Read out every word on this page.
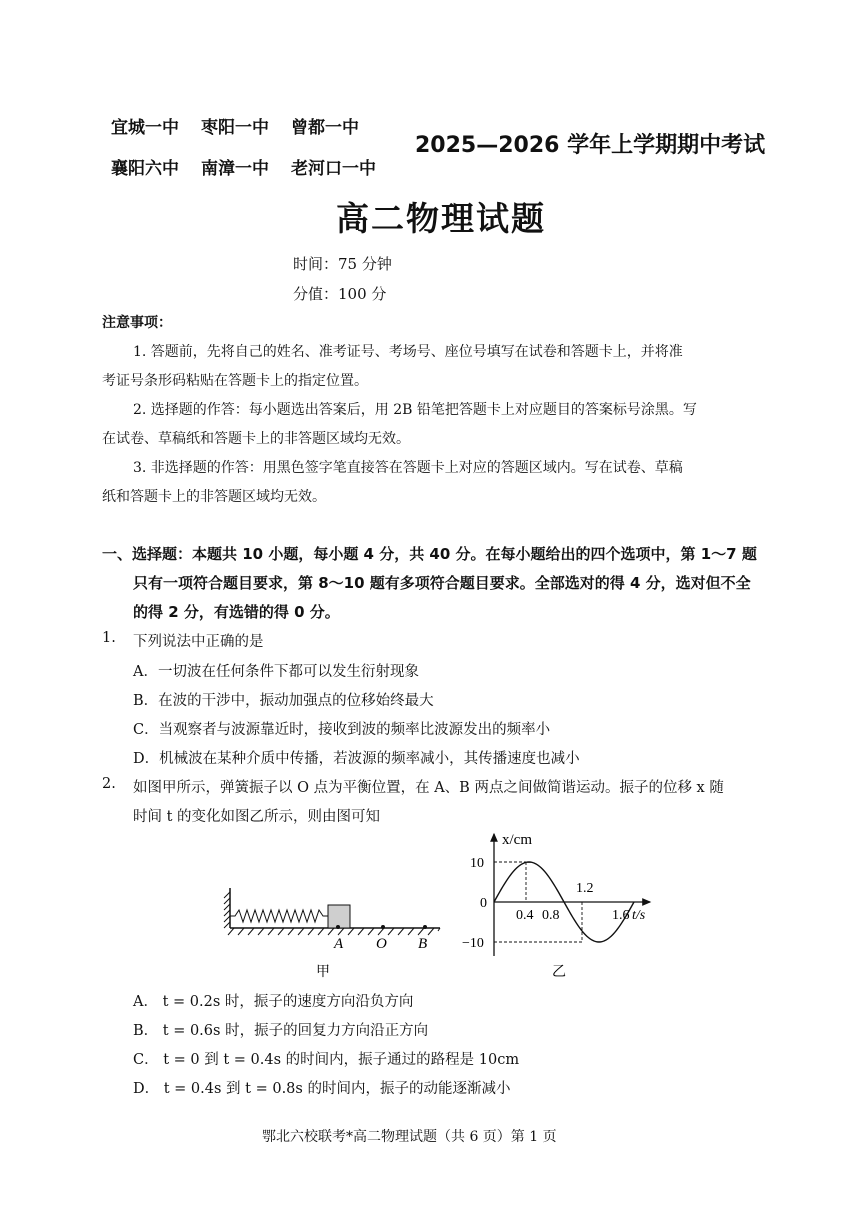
宜城一中 枣阳一中 曾都一中
襄阳六中 南漳一中 老河口一中
2025—2026 学年上学期期中考试
高二物理试题
时间：75 分钟
分值：100 分
注意事项：
1. 答题前，先将自己的姓名、准考证号、考场号、座位号填写在试卷和答题卡上，并将准
考证号条形码粘贴在答题卡上的指定位置。
2. 选择题的作答：每小题选出答案后，用 2B 铅笔把答题卡上对应题目的答案标号涂黑。写
在试卷、草稿纸和答题卡上的非答题区域均无效。
3. 非选择题的作答：用黑色签字笔直接答在答题卡上对应的答题区域内。写在试卷、草稿
纸和答题卡上的非答题区域均无效。
一、选择题：本题共 10 小题，每小题 4 分，共 40 分。在每小题给出的四个选项中，第 1～7 题
只有一项符合题目要求，第 8～10 题有多项符合题目要求。全部选对的得 4 分，选对但不全
的得 2 分，有选错的得 0 分。
1. 下列说法中正确的是
A．一切波在任何条件下都可以发生衍射现象
B．在波的干涉中，振动加强点的位移始终最大
C．当观察者与波源靠近时，接收到波的频率比波源发出的频率小
D．机械波在某种介质中传播，若波源的频率减小，其传播速度也减小
2. 如图甲所示，弹簧振子以 O 点为平衡位置，在 A、B 两点之间做简谐运动。振子的位移 x 随
时间 t 的变化如图乙所示，则由图可知
A O B
甲
x/cm
10
0
−10
0.4 0.8
1.2
1.6 t/s
乙
A． t = 0.2s 时，振子的速度方向沿负方向
B． t = 0.6s 时，振子的回复力方向沿正方向
C． t = 0 到 t = 0.4s 的时间内，振子通过的路程是 10cm
D． t = 0.4s 到 t = 0.8s 的时间内，振子的动能逐渐减小
鄂北六校联考*高二物理试题（共 6 页）第 1 页
